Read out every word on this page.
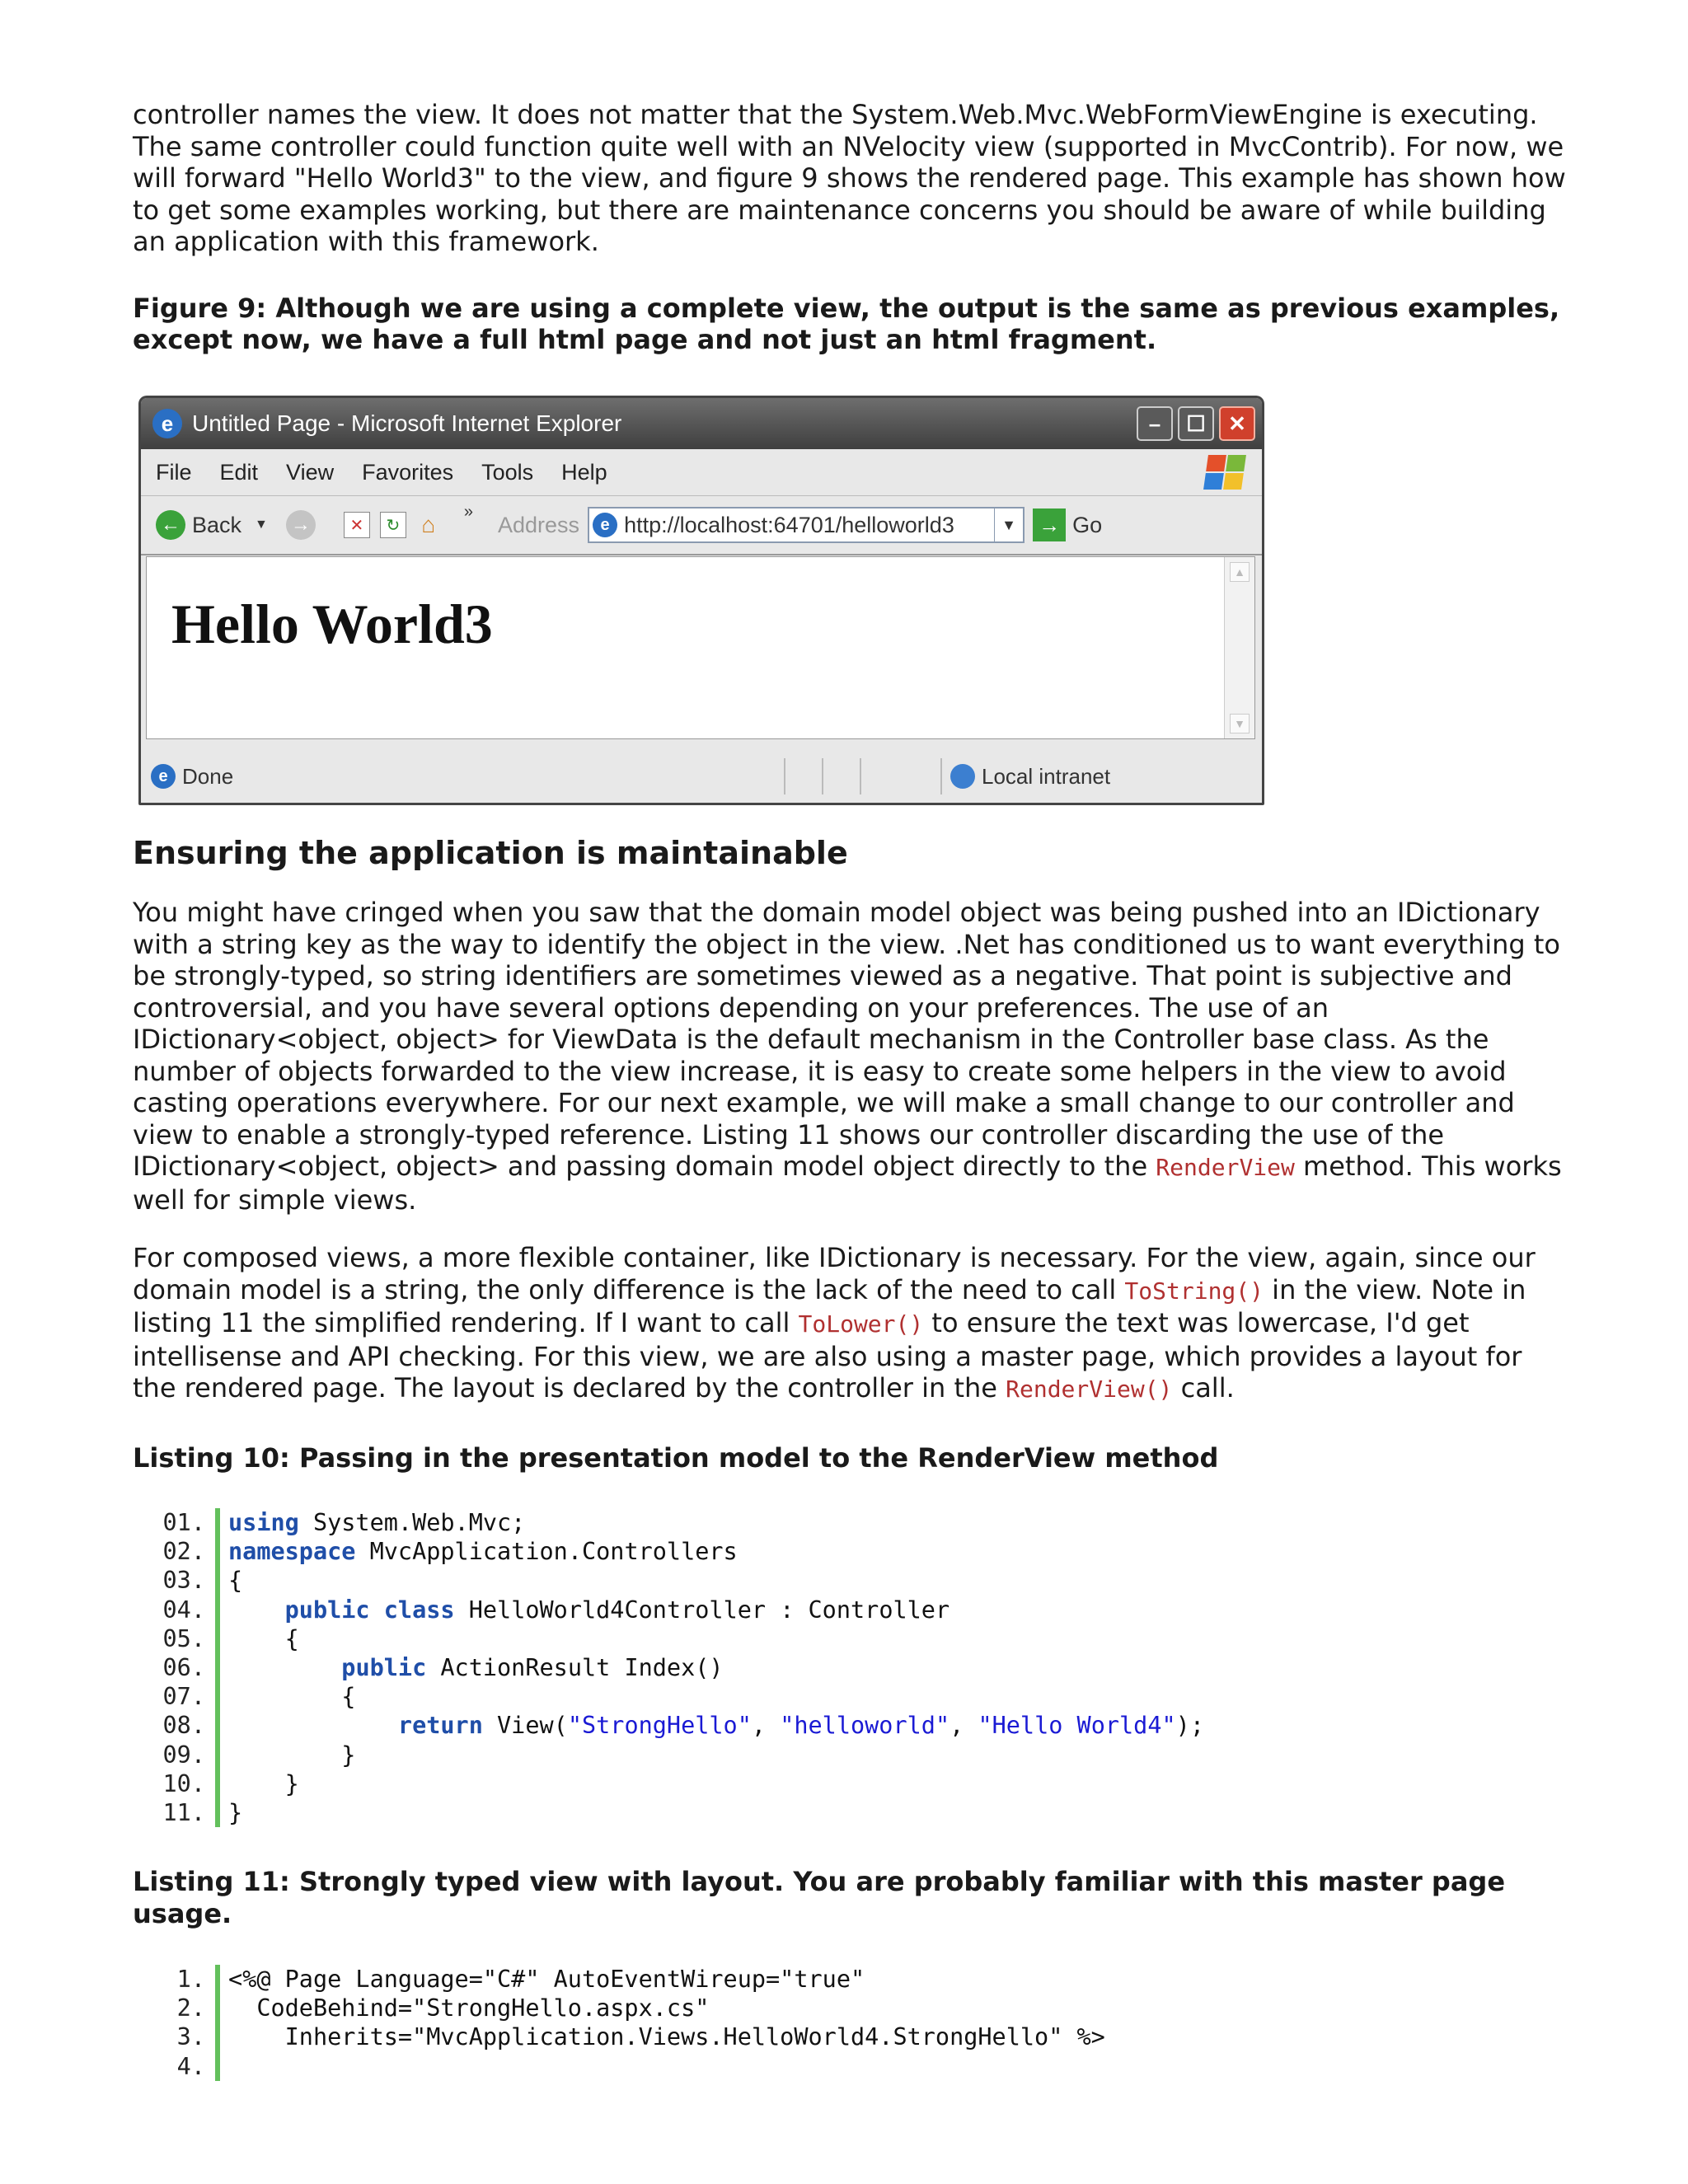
controller names the view. It does not matter that the System.Web.Mvc.WebFormViewEngine is executing. The same controller could function quite well with an NVelocity view (supported in MvcContrib). For now, we will forward "Hello World3" to the view, and figure 9 shows the rendered page. This example has shown how to get some examples working, but there are maintenance concerns you should be aware of while building an application with this framework.

Figure 9: Although we are using a complete view, the output is the same as previous examples, except now, we have a full html page and not just an html fragment.

e Untitled Page - Microsoft Internet Explorer	–	☐	✕
File Edit View Favorites Tools Help
← Back ▼ →	✕	↻ ⌂	»
Address	e http://localhost:64701/helloworld3	▼	→ Go
Hello World3
▲
▼
e Done	Local intranet
Ensuring the application is maintainable

You might have cringed when you saw that the domain model object was being pushed into an IDictionary with a string key as the way to identify the object in the view. .Net has conditioned us to want everything to be strongly-typed, so string identifiers are sometimes viewed as a negative. That point is subjective and controversial, and you have several options depending on your preferences. The use of an IDictionary<object, object> for ViewData is the default mechanism in the Controller base class. As the number of objects forwarded to the view increase, it is easy to create some helpers in the view to avoid casting operations everywhere. For our next example, we will make a small change to our controller and view to enable a strongly-typed reference. Listing 11 shows our controller discarding the use of the IDictionary<object, object> and passing domain model object directly to the RenderView method. This works well for simple views.

For composed views, a more flexible container, like IDictionary is necessary. For the view, again, since our domain model is a string, the only difference is the lack of the need to call ToString() in the view. Note in listing 11 the simplified rendering. If I want to call ToLower() to ensure the text was lowercase, I'd get intellisense and API checking. For this view, we are also using a master page, which provides a layout for the rendered page. The layout is declared by the controller in the RenderView() call.

Listing 10: Passing in the presentation model to the RenderView method

01. using System.Web.Mvc;
02. namespace MvcApplication.Controllers
03. {
04.	public class HelloWorld4Controller : Controller
05. {
06.	public ActionResult Index()
07. {
08.	return View("StrongHello", "helloworld", "Hello World4");
09. }
10. }
11. }

Listing 11: Strongly typed view with layout. You are probably familiar with this master page usage.

1. <%@ Page Language="C#" AutoEventWireup="true"
2. CodeBehind="StrongHello.aspx.cs"
3. Inherits="MvcApplication.Views.HelloWorld4.StrongHello" %>
4.
